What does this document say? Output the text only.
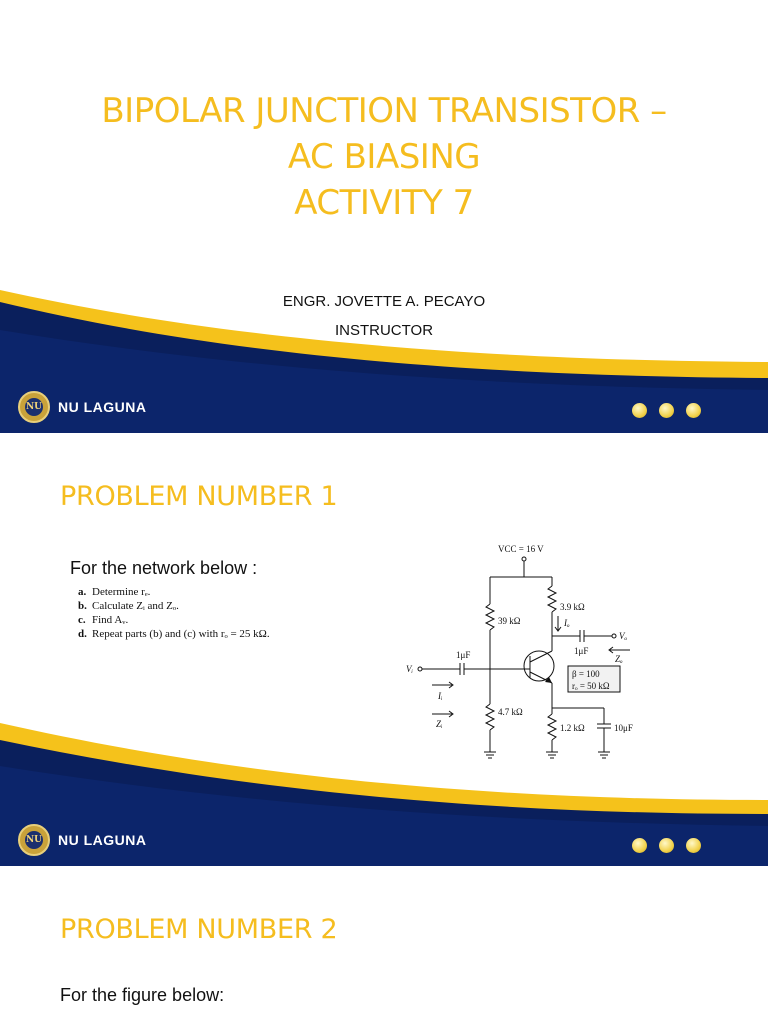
BIPOLAR JUNCTION TRANSISTOR –
AC BIASING
ACTIVITY 7
ENGR. JOVETTE A. PECAYO
INSTRUCTOR
NU NU LAGUNA
PROBLEM NUMBER 1
For the network below :
a. Determine rₑ.
b. Calculate Zᵢ and Zₒ.
c. Find Aᵥ.
d. Repeat parts (b) and (c) with rₒ = 25 kΩ.
VCC = 16 V
39 kΩ
4.7 kΩ
3.9 kΩ
1.2 kΩ
1μF
1μF
10μF
β = 100
rₒ = 50 kΩ
Vᵢ
Iᵢ
Zᵢ
Vₒ
Zₒ
Iₒ
NU NU LAGUNA
PROBLEM NUMBER 2
For the figure below:
